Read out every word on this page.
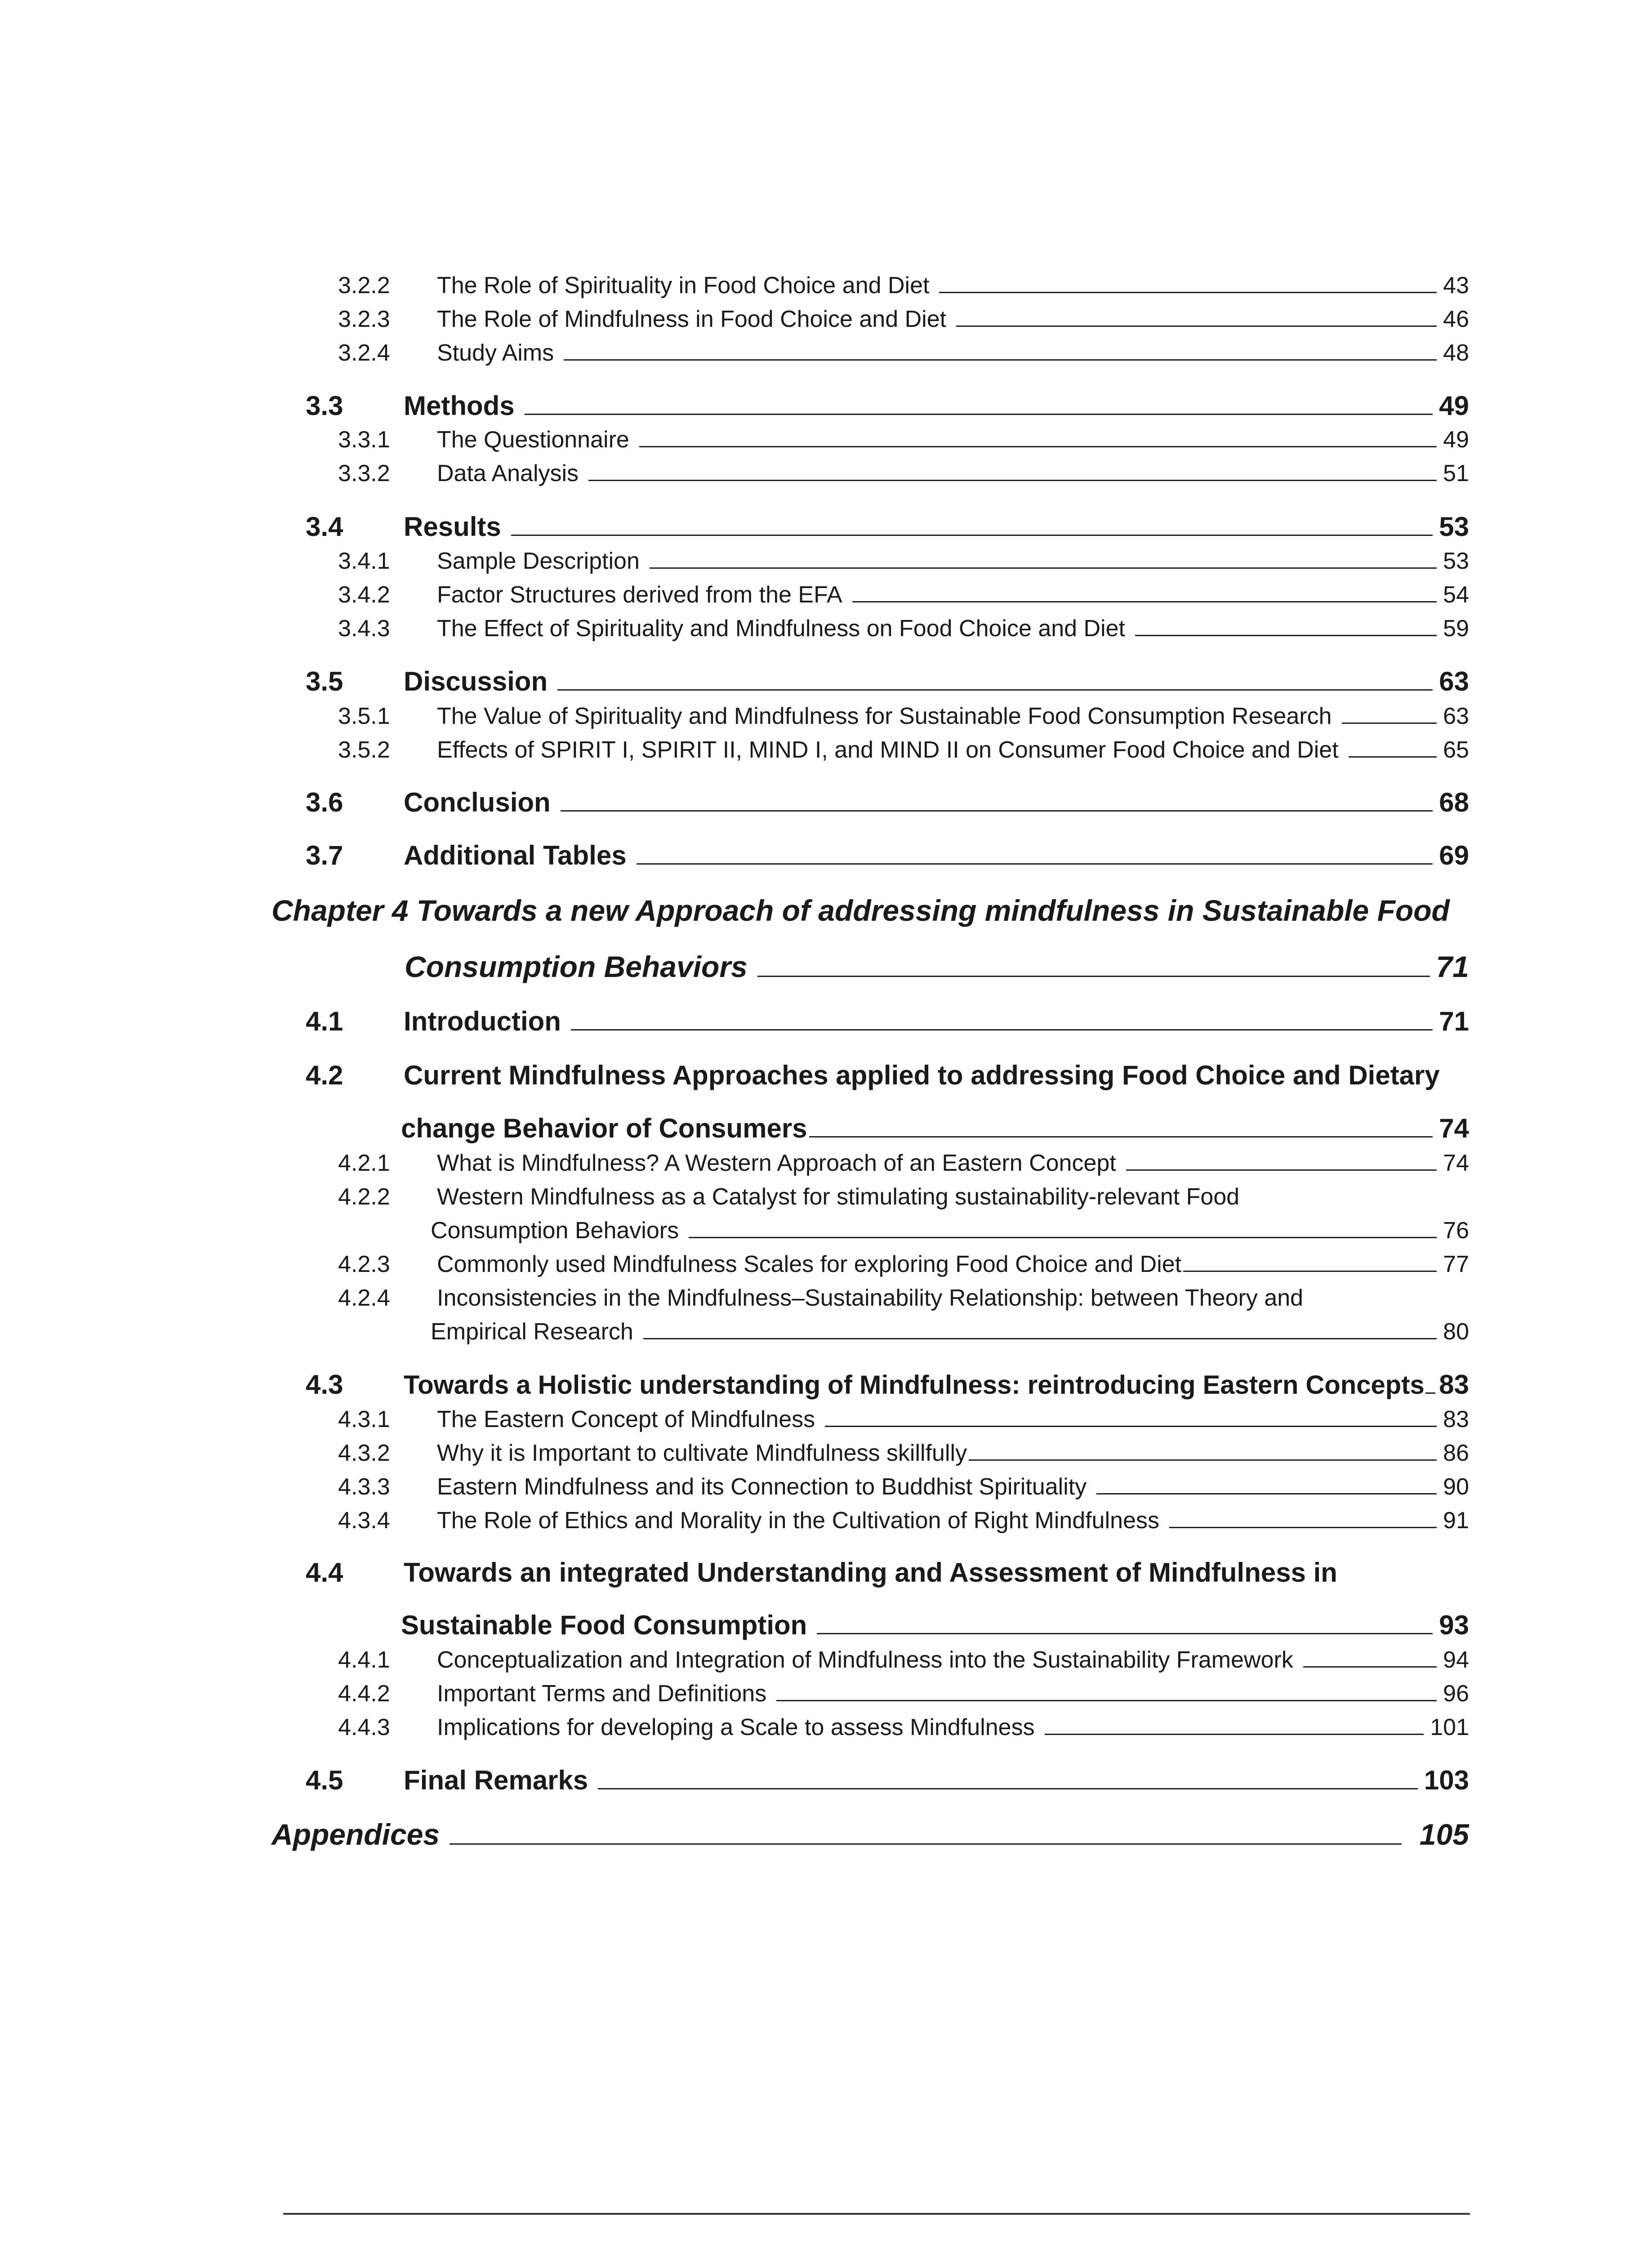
3.2.2	The Role of Spirituality in Food Choice and Diet	43
3.2.3	The Role of Mindfulness in Food Choice and Diet	46
3.2.4	Study Aims	48
3.3	Methods	49
3.3.1	The Questionnaire	49
3.3.2	Data Analysis	51
3.4	Results	53
3.4.1	Sample Description	53
3.4.2	Factor Structures derived from the EFA	54
3.4.3	The Effect of Spirituality and Mindfulness on Food Choice and Diet	59
3.5	Discussion	63
3.5.1	The Value of Spirituality and Mindfulness for Sustainable Food Consumption Research	63
3.5.2	Effects of SPIRIT I, SPIRIT II, MIND I, and MIND II on Consumer Food Choice and Diet	65
3.6	Conclusion	68
3.7	Additional Tables	69
Chapter 4 Towards a new Approach of addressing mindfulness in Sustainable Food
Consumption Behaviors	71
4.1	Introduction	71
4.2 Current Mindfulness Approaches applied to addressing Food Choice and Dietary
change Behavior of Consumers	74
4.2.1	What is Mindfulness? A Western Approach of an Eastern Concept	74
4.2.2 Western Mindfulness as a Catalyst for stimulating sustainability-relevant Food
Consumption Behaviors	76
4.2.3	Commonly used Mindfulness Scales for exploring Food Choice and Diet	77
4.2.4 Inconsistencies in the Mindfulness–Sustainability Relationship: between Theory and
Empirical Research	80
4.3	Towards a Holistic understanding of Mindfulness: reintroducing Eastern Concepts 83
4.3.1	The Eastern Concept of Mindfulness	83
4.3.2	Why it is Important to cultivate Mindfulness skillfully	86
4.3.3	Eastern Mindfulness and its Connection to Buddhist Spirituality	90
4.3.4	The Role of Ethics and Morality in the Cultivation of Right Mindfulness	91
4.4 Towards an integrated Understanding and Assessment of Mindfulness in
Sustainable Food Consumption	93
4.4.1	Conceptualization and Integration of Mindfulness into the Sustainability Framework	94
4.4.2	Important Terms and Definitions	96
4.4.3	Implications for developing a Scale to assess Mindfulness	101
4.5	Final Remarks	103
Appendices	105
